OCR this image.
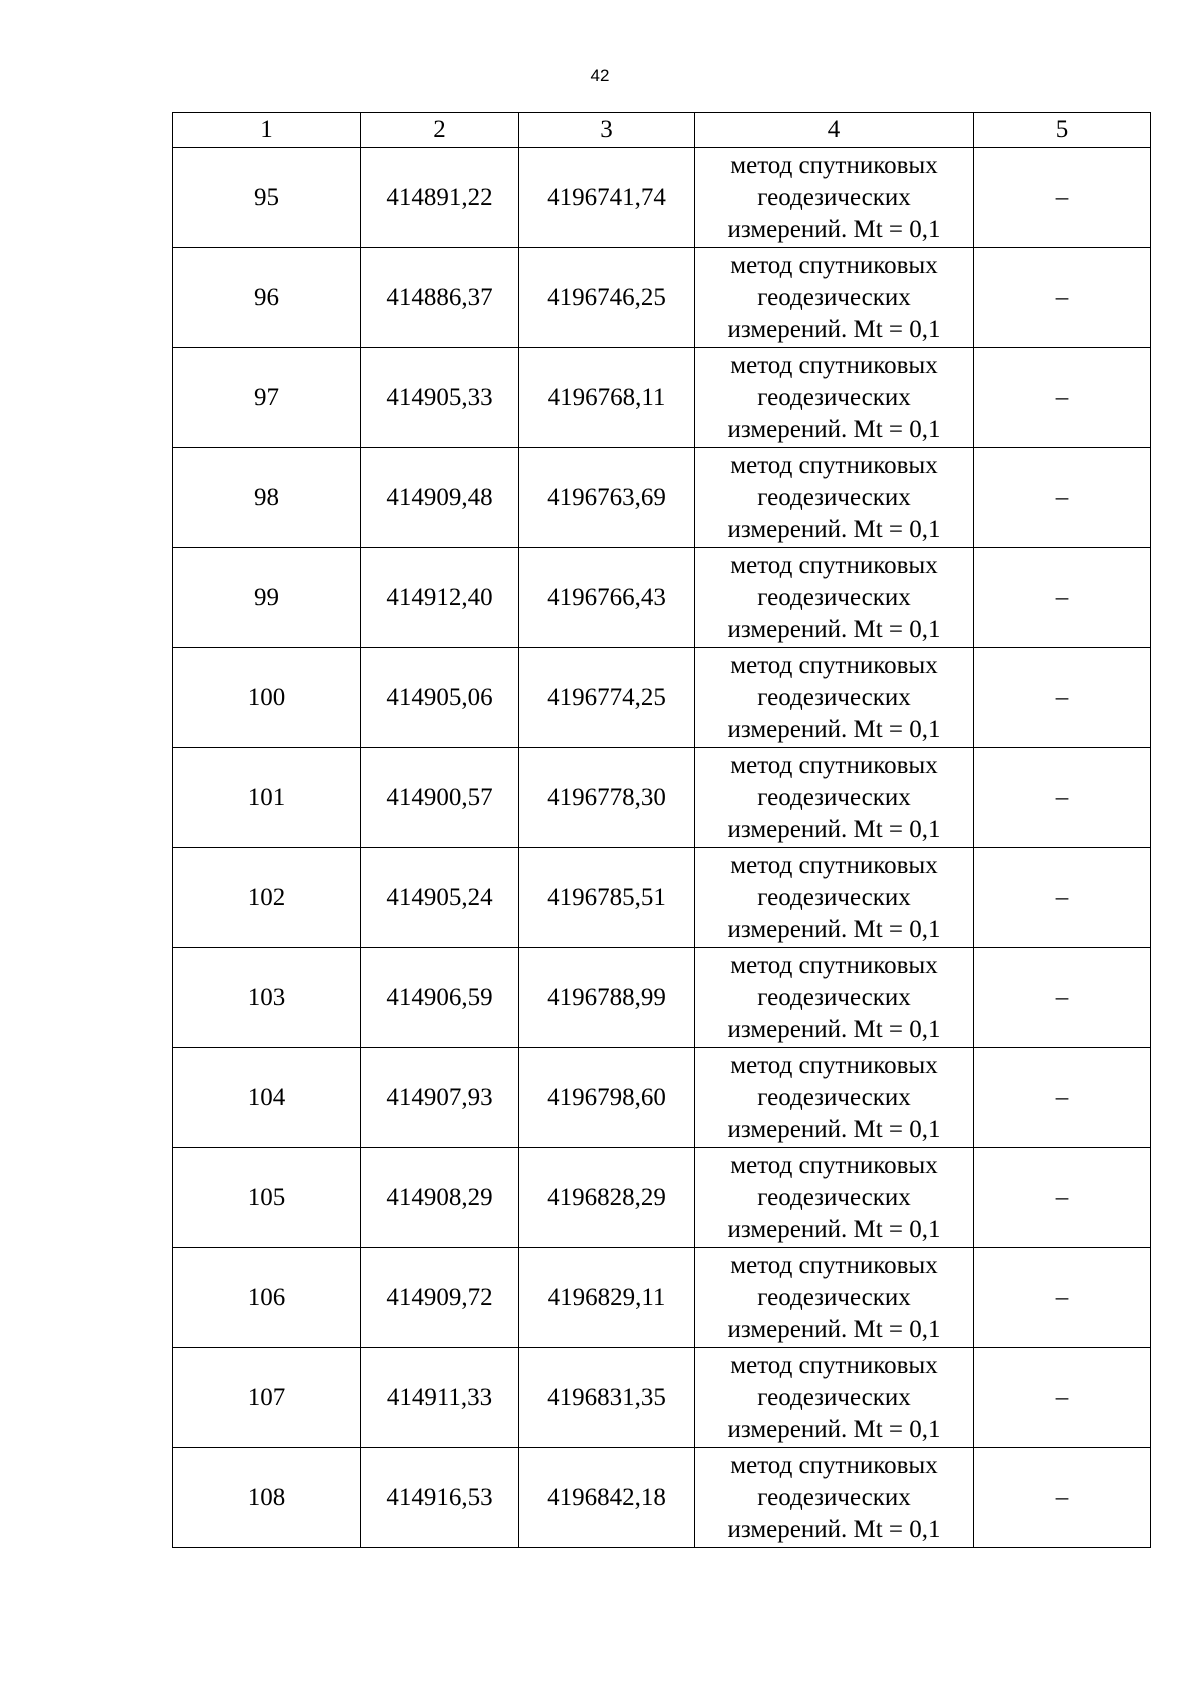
42
1	2	3	4	5
95	414891,22	4196741,74	метод спутниковых
геодезических
измерений. Mt = 0,1	–
96	414886,37	4196746,25	метод спутниковых
геодезических
измерений. Mt = 0,1	–
97	414905,33	4196768,11	метод спутниковых
геодезических
измерений. Mt = 0,1	–
98	414909,48	4196763,69	метод спутниковых
геодезических
измерений. Mt = 0,1	–
99	414912,40	4196766,43	метод спутниковых
геодезических
измерений. Mt = 0,1	–
100	414905,06	4196774,25	метод спутниковых
геодезических
измерений. Mt = 0,1	–
101	414900,57	4196778,30	метод спутниковых
геодезических
измерений. Mt = 0,1	–
102	414905,24	4196785,51	метод спутниковых
геодезических
измерений. Mt = 0,1	–
103	414906,59	4196788,99	метод спутниковых
геодезических
измерений. Mt = 0,1	–
104	414907,93	4196798,60	метод спутниковых
геодезических
измерений. Mt = 0,1	–
105	414908,29	4196828,29	метод спутниковых
геодезических
измерений. Mt = 0,1	–
106	414909,72	4196829,11	метод спутниковых
геодезических
измерений. Mt = 0,1	–
107	414911,33	4196831,35	метод спутниковых
геодезических
измерений. Mt = 0,1	–
108	414916,53	4196842,18	метод спутниковых
геодезических
измерений. Mt = 0,1	–
